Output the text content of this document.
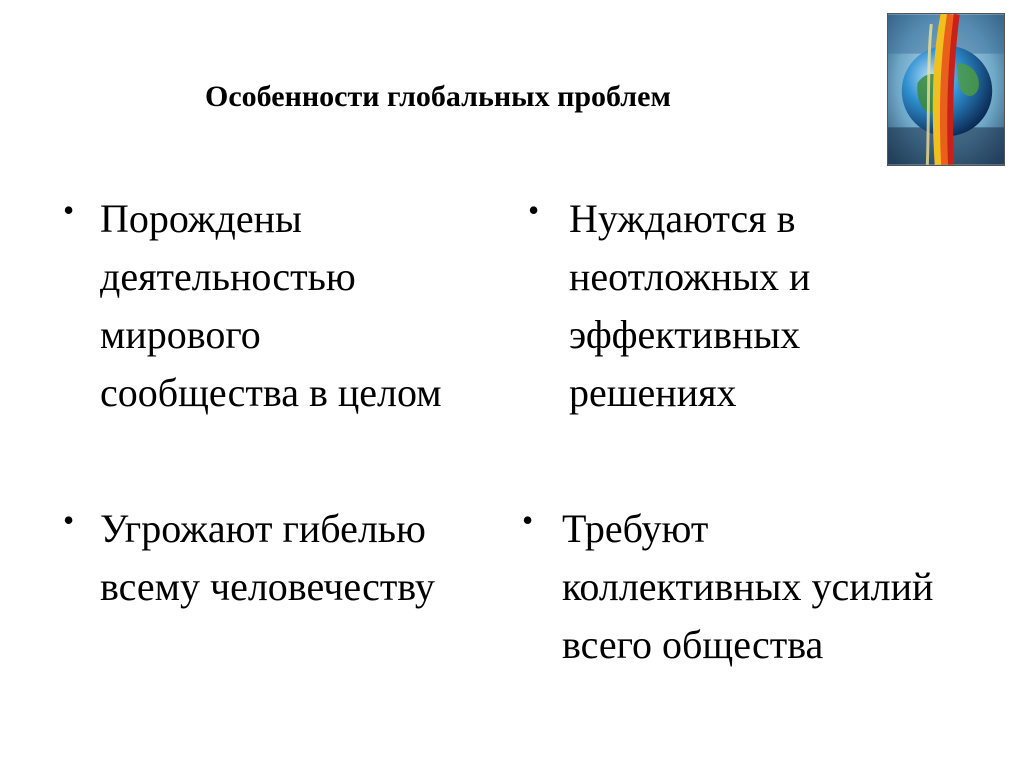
Особенности глобальных проблем
• Порождены
деятельностью
мирового
сообщества в целом
• Нуждаются в
неотложных и
эффективных
решениях
• Угрожают гибелью
всему человечеству
• Требуют
коллективных усилий
всего общества
